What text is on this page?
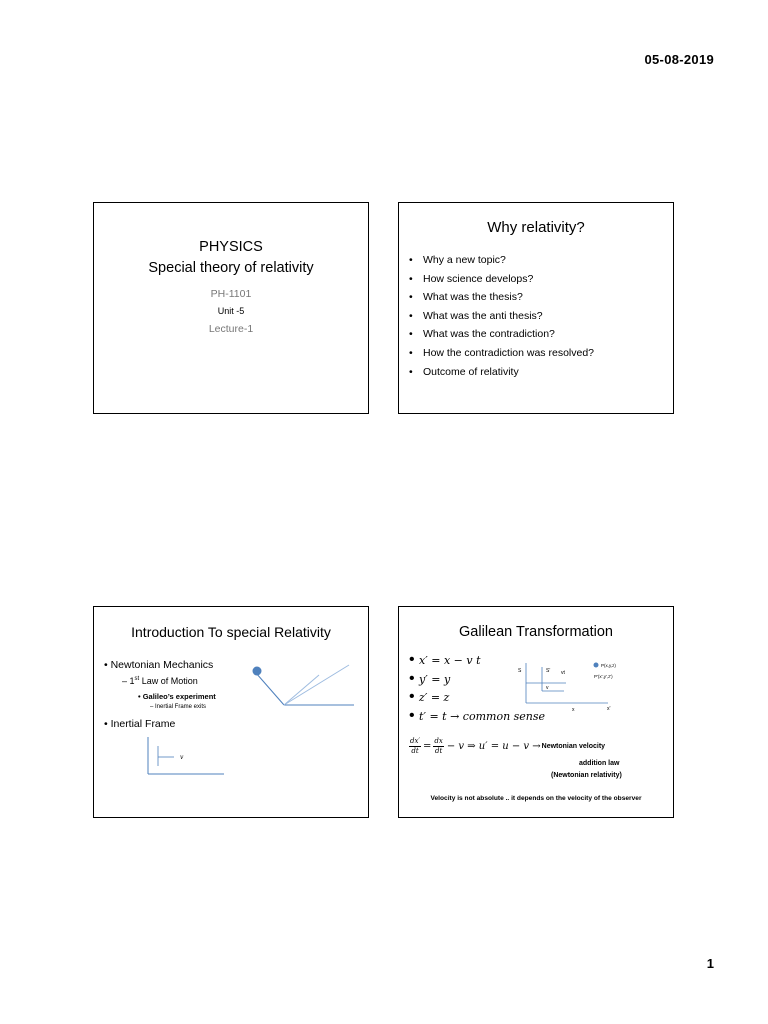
05-08-2019
PHYSICS
Special theory of relativity
PH-1101
Unit -5
Lecture-1
Why relativity?
• Why a new topic?
• How science develops?
• What was the thesis?
• What was the anti thesis?
• What was the contradiction?
• How the contradiction was resolved?
• Outcome of relativity
Introduction To special Relativity
• Newtonian Mechanics
– 1st Law of Motion
• Galileo’s experiment
– Inertial Frame exits
• Inertial Frame
v
Galilean Transformation
• x′ = x − v t
• y′ = y
• z′ = z
• t′ = t → common sense
S	S' vt
v
x	x'
P(x,y,z)
P'(x',y',z')
$\frac{dx'}{dt} = \frac{dx}{dt} - v$ ⇒ u′ = u − v → Newtonian velocity
addition law
(Newtonian relativity)
Velocity is not absolute .. it depends on the velocity of the observer
1
